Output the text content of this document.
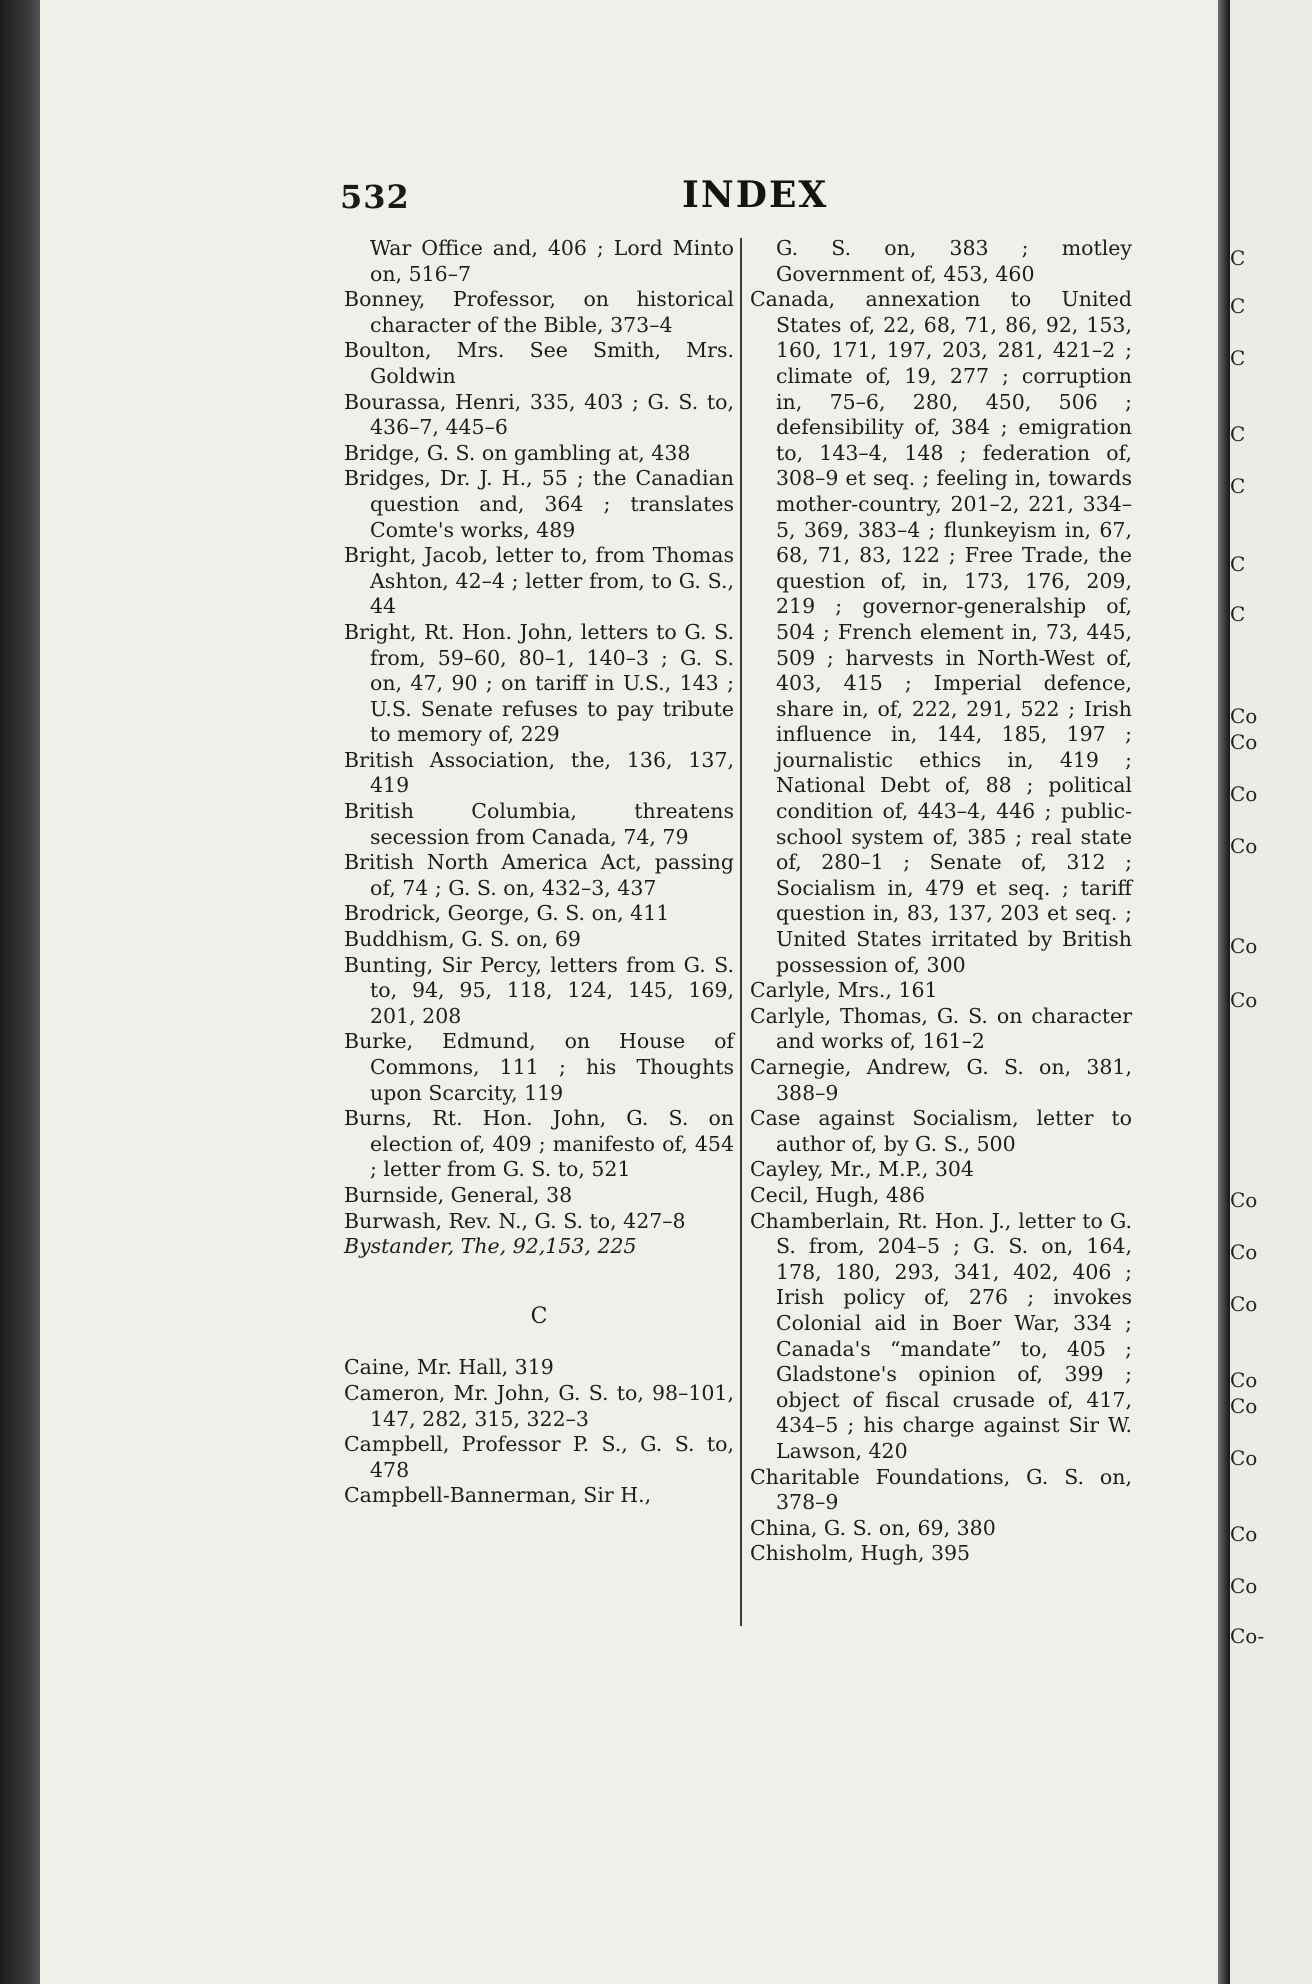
532	INDEX
War Office and, 406 ; Lord Minto on, 516–7
Bonney, Professor, on historical character of the Bible, 373–4
Boulton, Mrs. See Smith, Mrs. Goldwin
Bourassa, Henri, 335, 403 ; G. S. to, 436–7, 445–6
Bridge, G. S. on gambling at, 438
Bridges, Dr. J. H., 55 ; the Canadian question and, 364 ; translates Comte's works, 489
Bright, Jacob, letter to, from Thomas Ashton, 42–4 ; letter from, to G. S., 44
Bright, Rt. Hon. John, letters to G. S. from, 59–60, 80–1, 140–3 ; G. S. on, 47, 90 ; on tariff in U.S., 143 ; U.S. Senate refuses to pay tribute to memory of, 229
British Association, the, 136, 137, 419
British Columbia, threatens secession from Canada, 74, 79
British North America Act, passing of, 74 ; G. S. on, 432–3, 437
Brodrick, George, G. S. on, 411
Buddhism, G. S. on, 69
Bunting, Sir Percy, letters from G. S. to, 94, 95, 118, 124, 145, 169, 201, 208
Burke, Edmund, on House of Commons, 111 ; his Thoughts upon Scarcity, 119
Burns, Rt. Hon. John, G. S. on election of, 409 ; manifesto of, 454 ; letter from G. S. to, 521
Burnside, General, 38
Burwash, Rev. N., G. S. to, 427–8
Bystander, The, 92,153, 225
C
Caine, Mr. Hall, 319
Cameron, Mr. John, G. S. to, 98–101, 147, 282, 315, 322–3
Campbell, Professor P. S., G. S. to, 478
Campbell-Bannerman, Sir H.,
G. S. on, 383 ; motley Government of, 453, 460
Canada, annexation to United States of, 22, 68, 71, 86, 92, 153, 160, 171, 197, 203, 281, 421–2 ; climate of, 19, 277 ; corruption in, 75–6, 280, 450, 506 ; defensibility of, 384 ; emigration to, 143–4, 148 ; federation of, 308–9 et seq. ; feeling in, towards mother-country, 201–2, 221, 334–5, 369, 383–4 ; flunkeyism in, 67, 68, 71, 83, 122 ; Free Trade, the question of, in, 173, 176, 209, 219 ; governor-generalship of, 504 ; French element in, 73, 445, 509 ; harvests in North-West of, 403, 415 ; Imperial defence, share in, of, 222, 291, 522 ; Irish influence in, 144, 185, 197 ; journalistic ethics in, 419 ; National Debt of, 88 ; political condition of, 443–4, 446 ; public-school system of, 385 ; real state of, 280–1 ; Senate of, 312 ; Socialism in, 479 et seq. ; tariff question in, 83, 137, 203 et seq. ; United States irritated by British possession of, 300
Carlyle, Mrs., 161
Carlyle, Thomas, G. S. on character and works of, 161–2
Carnegie, Andrew, G. S. on, 381, 388–9
Case against Socialism, letter to author of, by G. S., 500
Cayley, Mr., M.P., 304
Cecil, Hugh, 486
Chamberlain, Rt. Hon. J., letter to G. S. from, 204–5 ; G. S. on, 164, 178, 180, 293, 341, 402, 406 ; Irish policy of, 276 ; invokes Colonial aid in Boer War, 334 ; Canada's “mandate” to, 405 ; Gladstone's opinion of, 399 ; object of fiscal crusade of, 417, 434–5 ; his charge against Sir W. Lawson, 420
Charitable Foundations, G. S. on, 378–9
China, G. S. on, 69, 380
Chisholm, Hugh, 395
C
C
C
C
C
C
C
Co
Co
Co
Co
Co
Co
Co
Co
Co
Co
Co
Co
Co
Co
Co-
